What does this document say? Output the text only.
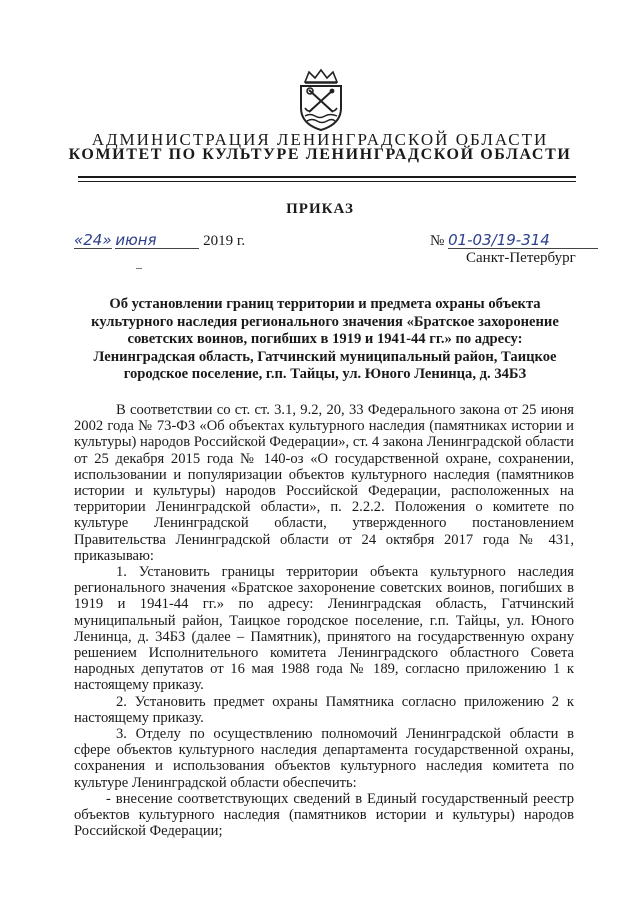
АДМИНИСТРАЦИЯ ЛЕНИНГРАДСКОЙ ОБЛАСТИ
КОМИТЕТ ПО КУЛЬТУРЕ ЛЕНИНГРАДСКОЙ ОБЛАСТИ
ПРИКАЗ
«24» июня	2019 г.	№ 01-03/19-314
Санкт-Петербург
Об установлении границ территории и предмета охраны объекта культурного наследия регионального значения «Братское захоронение советских воинов, погибших в 1919 и 1941-44 гг.» по адресу: Ленинградская область, Гатчинский муниципальный район, Таицкое городское поселение, г.п. Тайцы, ул. Юного Ленинца, д. 34БЗ

В соответствии со ст. ст. 3.1, 9.2, 20, 33 Федерального закона от 25 июня 2002 года № 73-ФЗ «Об объектах культурного наследия (памятниках истории и культуры) народов Российской Федерации», ст. 4 закона Ленинградской области от 25 декабря 2015 года № 140-оз «О государственной охране, сохранении, использовании и популяризации объектов культурного наследия (памятников истории и культуры) народов Российской Федерации, расположенных на территории Ленинградской области», п. 2.2.2. Положения о комитете по культуре Ленинградской области, утвержденного постановлением Правительства Ленинградской области от 24 октября 2017 года № 431, приказываю:

1. Установить границы территории объекта культурного наследия регионального значения «Братское захоронение советских воинов, погибших в 1919 и 1941-44 гг.» по адресу: Ленинградская область, Гатчинский муниципальный район, Таицкое городское поселение, г.п. Тайцы, ул. Юного Ленинца, д. 34БЗ (далее – Памятник), принятого на государственную охрану решением Исполнительного комитета Ленинградского областного Совета народных депутатов от 16 мая 1988 года № 189, согласно приложению 1 к настоящему приказу.

2. Установить предмет охраны Памятника согласно приложению 2 к настоящему приказу.

3. Отделу по осуществлению полномочий Ленинградской области в сфере объектов культурного наследия департамента государственной охраны, сохранения и использования объектов культурного наследия комитета по культуре Ленинградской области обеспечить:

- внесение соответствующих сведений в Единый государственный реестр объектов культурного наследия (памятников истории и культуры) народов Российской Федерации;
